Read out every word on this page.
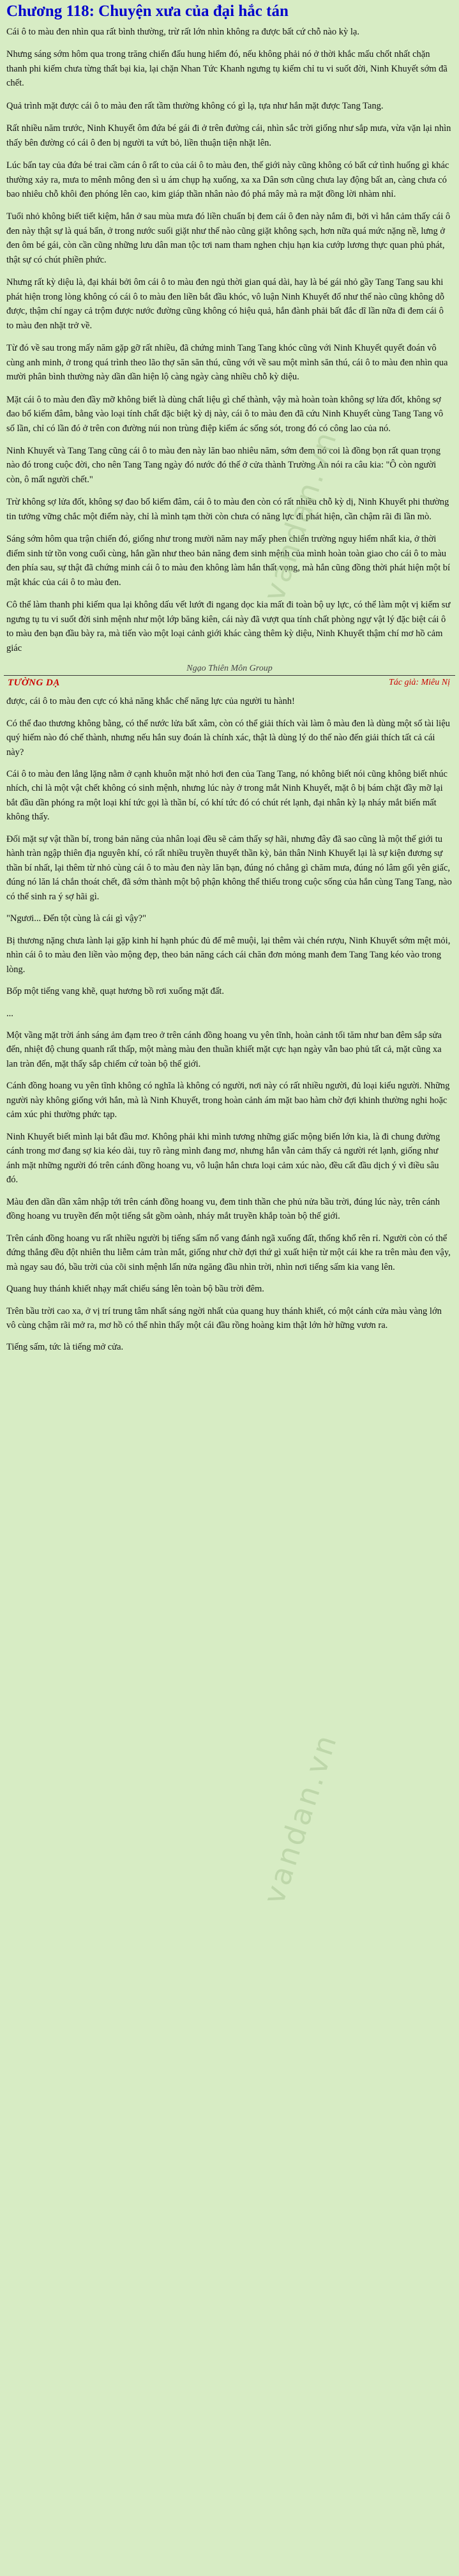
vandan.vn
vandan.vn
Chương 118: Chuyện xưa của đại hắc tán

Cái ô to màu đen nhìn qua rất bình thường, trừ rất lớn nhìn không ra được bất cứ chỗ nào kỳ lạ.

Nhưng sáng sớm hôm qua trong trăng chiến đấu hung hiểm đó, nếu không phải nó ở thời khắc mấu chốt nhất chặn thanh phi kiếm chưa từng thất bại kia, lại chặn Nhan Tức Khanh ngưng tụ kiếm chỉ tu vi suốt đời, Ninh Khuyết sớm đã chết.

Quả trình mặt được cái ô to màu đen rất tầm thường không có gì lạ, tựa như hắn mặt được Tang Tang.

Rất nhiều năm trước, Ninh Khuyết ôm đứa bé gái đi ở trên đường cái, nhìn sắc trời giống như sắp mưa, vừa vặn lại nhìn thấy bên đường có cái ô đen bị người ta vứt bỏ, liền thuận tiện nhặt lên.

Lúc bấn tay của đứa bé trai cầm cán ô rất to của cái ô to màu đen, thế giới này cũng không có bất cứ tình huống gì khác thường xảy ra, mưa to mênh mông đen sì u ám chụp hạ xuống, xa xa Dân sơn cũng chưa lay động bất an, càng chưa có bao nhiêu chỗ khôi đen phóng lên cao, kim giáp thần nhân nào đó phá mây mà ra mặt đồng lời nhàm nhỉ.

Tuổi nhỏ không biết tiết kiệm, hắn ở sau mùa mưa đó liền chuẩn bị đem cái ô đen này nắm đi, bởi vì hắn cảm thấy cái ô đen này thật sự là quá bẩn, ở trong nước suối giặt như thế nào cũng giặt không sạch, hơn nữa quá mức nặng nề, lưng ở đen ôm bé gái, còn cần cũng những lưu dân man tộc tơi nam tham nghen chịu hạn kia cướp lương thực quan phủ phát, thật sự có chút phiền phức.

Nhưng rất kỳ diệu là, đại khái bởi ôm cái ô to màu đen ngủ thời gian quá dài, hay là bé gái nhỏ gầy Tang Tang sau khi phát hiện trong lòng không có cái ô to màu đen liền bắt đầu khóc, vô luận Ninh Khuyết đổ như thế nào cũng không dỗ được, thậm chí ngay cả trộm được nước đường cũng không có hiệu quả, hắn đành phải bất đắc dĩ lần nữa đi đem cái ô to màu đen nhặt trở về.

Từ đó về sau trong mấy năm gặp gỡ rất nhiều, đã chứng minh Tang Tang khóc cũng với Ninh Khuyết quyết đoán vô cùng anh minh, ở trong quá trình theo lão thợ săn săn thú, cũng với về sau một mình săn thú, cái ô to màu đen nhìn qua mười phân bình thường này dần dần hiện lộ càng ngày càng nhiều chỗ kỳ diệu.

Mặt cái ô to màu đen đầy mỡ không biết là dùng chất liệu gì chế thành, vậy mà hoàn toàn không sợ lửa đốt, không sợ đao bổ kiếm đâm, bằng vào loại tính chất đặc biệt kỳ dị này, cái ô to màu đen đã cứu Ninh Khuyết cùng Tang Tang vô số lần, chỉ có lần đó ở trên con đường núi non trùng điệp kiếm ác sống sót, trong đó có công lao của nó.

Ninh Khuyết và Tang Tang cũng cái ô to màu đen này lăn bao nhiêu năm, sớm đem nó coi là đồng bọn rất quan trọng nào đó trong cuộc đời, cho nên Tang Tang ngày đó nước đó thế ở cửa thành Trường An nói ra câu kia: "Ô còn người còn, ô mất người chết."

Trừ không sợ lửa đốt, không sợ đao bổ kiếm đâm, cái ô to màu đen còn có rất nhiều chỗ kỳ dị, Ninh Khuyết phi thường tin tưởng vững chắc một điểm này, chỉ là mình tạm thời còn chưa có năng lực đi phát hiện, cần chậm rãi đi lần mò.

Sáng sớm hôm qua trận chiến đó, giống như trong mười năm nay mấy phen chiến trường nguy hiểm nhất kia, ở thời điểm sinh tử tồn vong cuối cùng, hắn gần như theo bản năng đem sinh mệnh của mình hoàn toàn giao cho cái ô to màu đen phía sau, sự thật đã chứng minh cái ô to màu đen không làm hắn thất vọng, mà hắn cũng đồng thời phát hiện một bí mật khác của cái ô to màu đen.

Cô thể làm thanh phi kiếm qua lại không dấu vết lướt đi ngang dọc kia mất đi toàn bộ uy lực, có thể làm một vị kiếm sư ngưng tụ tu vi suốt đời sinh mệnh như một lớp băng kiên, cái này đã vượt qua tính chất phòng ngự vật lý đặc biệt cái ô to màu đen bạn đầu bày ra, mà tiến vào một loại cảnh giới khác càng thêm kỳ diệu, Ninh Khuyết thậm chí mơ hồ cảm giác

Ngạo Thiên Môn Group
TƯỜNG DẠ	Tác giả: Miêu Nị

được, cái ô to màu đen cực có khả năng khắc chế năng lực của người tu hành!

Có thể đao thương không bằng, có thể nước lửa bất xâm, còn có thể giải thích vài làm ô màu đen là dùng một số tài liệu quý hiếm nào đó chế thành, nhưng nếu hắn suy đoán là chính xác, thật là dùng lý do thế nào đến giải thích tất cả cái này?

Cái ô to màu đen lẳng lặng nằm ở cạnh khuôn mặt nhỏ hơi đen của Tang Tang, nó không biết nói cũng không biết nhúc nhích, chỉ là một vật chết không có sinh mệnh, nhưng lúc này ở trong mắt Ninh Khuyết, mặt ô bị bám chặt đầy mỡ lại bắt đầu dần phóng ra một loại khí tức gọi là thần bí, có khí tức đó có chút rét lạnh, đại nhân kỳ lạ nháy mắt biến mất không thấy.

Đối mặt sự vật thần bí, trong bản năng của nhân loại đều sẽ cảm thấy sợ hãi, nhưng đây đã sao cũng là một thế giới tu hành tràn ngập thiên địa nguyên khí, có rất nhiều truyền thuyết thần kỳ, bản thân Ninh Khuyết lại là sự kiện đương sự thần bí nhất, lại thêm từ nhỏ cùng cái ô to màu đen này lăn bạn, đúng nó chẳng gì chăm mưa, đúng nó lâm gối yên giấc, đúng nó lăn lá chắn thoát chết, đã sớm thành một bộ phận không thể thiếu trong cuộc sống của hắn cùng Tang Tang, nào có thể sinh ra ý sợ hãi gì.

"Ngươi... Đến tột cùng là cái gì vậy?"

Bị thương nặng chưa lành lại gặp kinh hỉ hạnh phúc đủ để mê muội, lại thêm vài chén rượu, Ninh Khuyết sớm mệt mỏi, nhìn cái ô to màu đen liền vào mộng đẹp, theo bản năng cách cái chăn đơn mỏng manh đem Tang Tang kéo vào trong lòng.

Bốp một tiếng vang khẽ, quạt hương bồ rơi xuống mặt đất.

...

Một vầng mặt trời ánh sáng ảm đạm treo ở trên cánh đồng hoang vu yên tĩnh, hoàn cảnh tối tăm như ban đêm sắp sửa đến, nhiệt độ chung quanh rất thấp, một màng màu đen thuần khiết mặt cực hạn ngày vẫn bao phủ tất cả, mặt cũng xa lan tràn đến, mặt thấy sắp chiếm cứ toàn bộ thế giới.

Cánh đồng hoang vu yên tĩnh không có nghĩa là không có người, nơi này có rất nhiều người, đủ loại kiểu người. Những người này không giống với hắn, mà là Ninh Khuyết, trong hoàn cảnh ám mặt bao hàm chờ đợi khinh thường nghi hoặc cảm xúc phi thường phức tạp.

Ninh Khuyết biết mình lại bắt đầu mơ. Không phải khi mình tương những giấc mộng biến lớn kia, là đi chung đường cánh trong mơ đang sợ kia kéo dài, tuy rõ ràng mình đang mơ, nhưng hắn vẫn cảm thấy cả người rét lạnh, giống như ánh mặt những người đó trên cánh đồng hoang vu, vô luận hắn chưa loại cảm xúc nào, đều cất đầu dịch ý vì điều sâu đó.

Màu đen dần dần xâm nhập tới trên cánh đồng hoang vu, đem tinh thần che phủ nửa bầu trời, đúng lúc này, trên cánh đồng hoang vu truyền đến một tiếng sắt gồm oành, nháy mắt truyền khắp toàn bộ thế giới.

Trên cánh đồng hoang vu rất nhiều người bị tiếng sấm nổ vang đánh ngã xuống đất, thống khổ rên rỉ. Người còn có thể đứng thẳng đều đột nhiên thu liễm cảm tràn mắt, giống như chờ đợi thứ gì xuất hiện từ một cái khe ra trên màu đen vậy, mà ngay sau đó, bầu trời của cõi sinh mệnh lấn nửa ngăng đầu nhìn trời, nhìn nơi tiếng sấm kia vang lên.

Quang huy thánh khiết nhạy mất chiếu sáng lên toàn bộ bầu trời đêm.

Trên bầu trời cao xa, ở vị trí trung tâm nhất sáng ngời nhất của quang huy thánh khiết, có một cánh cửa màu vàng lớn vô cùng chậm rãi mở ra, mơ hồ có thể nhìn thấy một cái đầu rồng hoàng kim thật lớn hờ hững vươn ra.

Tiếng sấm, tức là tiếng mở cửa.
